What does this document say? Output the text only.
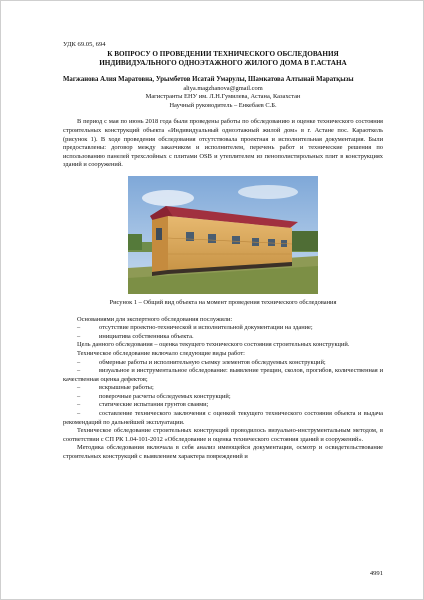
УДК 69.05, 694

К ВОПРОСУ О ПРОВЕДЕНИИ ТЕХНИЧЕСКОГО ОБСЛЕДОВАНИЯ

ИНДИВИДУАЛЬНОГО ОДНОЭТАЖНОГО ЖИЛОГО ДОМА В Г.АСТАНА

Магжанова Алия Маратовна, Урымбетов Исатай Умарулы, Шамкатова Алтынай Маратқызы

aliya.magzhanova@gmail.com

Магистранты ЕНУ им. Л.Н.Гумилева, Астана, Казахстан

Научный руководитель – Енкебаев С.Б.

В период с мая по июнь 2018 года были проведены работы по обследованию и оценке технического состояния строительных конструкций объекта «Индивидуальный одноэтажный жилой дом» в г. Астане пос. Караоткель (рисунок 1). В ходе проведения обследования отсутствовала проектная и исполнительная документация. Были предоставлены: договор между заказчиком и исполнителем, перечень работ и технические решения по использованию панелей трехслойных с плитами OSB и утеплителем из пенополистирольных плит в конструкциях зданий и сооружений.

Рисунок 1 – Общий вид объекта на момент проведения технического обследования

Основаниями для экспертного обследования послужили:

–	отсутствие проектно-технической и исполнительной документации на здание;
–	инициатива собственника объекта.

Цель данного обследования – оценка текущего технического состояния строительных конструкций.

Техническое обследование включало следующие виды работ:

–	обмерные работы и исполнительную съемку элементов обследуемых конструкций;
–	визуальное и инструментальное обследование: выявление трещин, сколов, прогибов, количественная и качественная оценка дефектов;
–	вскрышные работы;
–	поверочные расчеты обследуемых конструкций;
–	статические испытания грунтов сваями;
–	составление технического заключения с оценкой текущего технического состояния объекта и выдача рекомендаций по дальнейшей эксплуатации.

Техническое обследование строительных конструкций проводилось визуально-инструментальным методом, в соответствии с СП РК 1.04-101-2012 «Обследование и оценка технического состояния зданий и сооружений».

Методика обследования включала в себя анализ имеющейся документации, осмотр и освидетельствование строительных конструкций с выявлением характера повреждений и

4991
